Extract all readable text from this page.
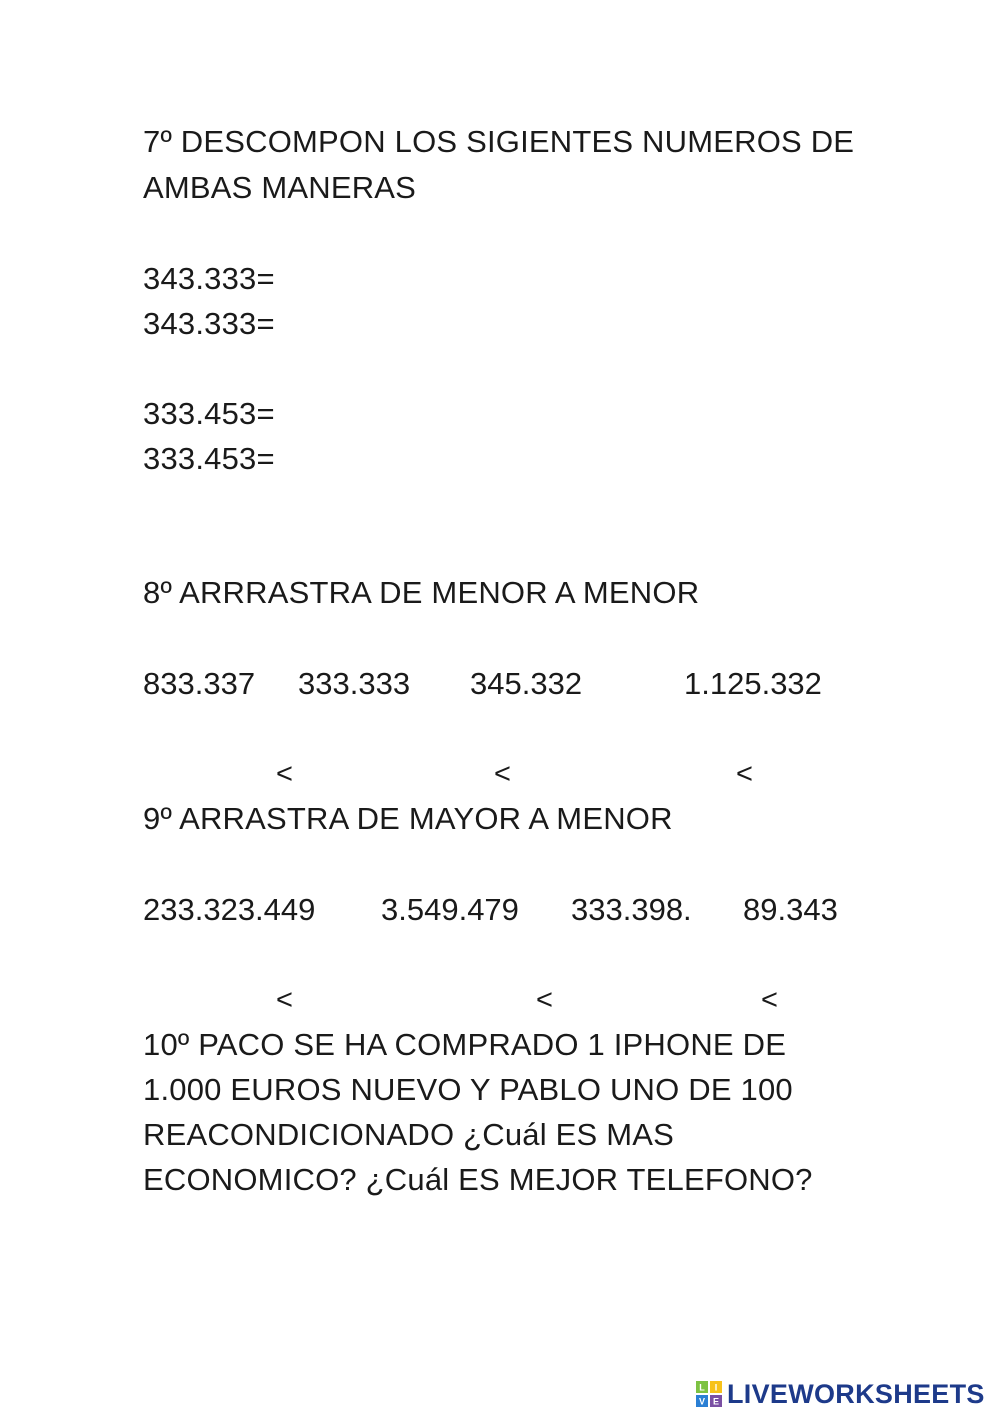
7º DESCOMPON LOS SIGIENTES NUMEROS DE
AMBAS MANERAS
343.333=
343.333=
333.453=
333.453=
8º ARRRASTRA DE MENOR A MENOR
833.337 333.333 345.332	1.125.332
<	<	<
9º ARRASTRA DE MAYOR A MENOR
233.323.449 3.549.479 333.398. 89.343
<	<	<
10º PACO SE HA COMPRADO 1 IPHONE DE
1.000 EUROS NUEVO Y PABLO UNO DE 100
REACONDICIONADO ¿Cuál ES MAS
ECONOMICO? ¿Cuál ES MEJOR TELEFONO?
L I
V E LIVEWORKSHEETS
